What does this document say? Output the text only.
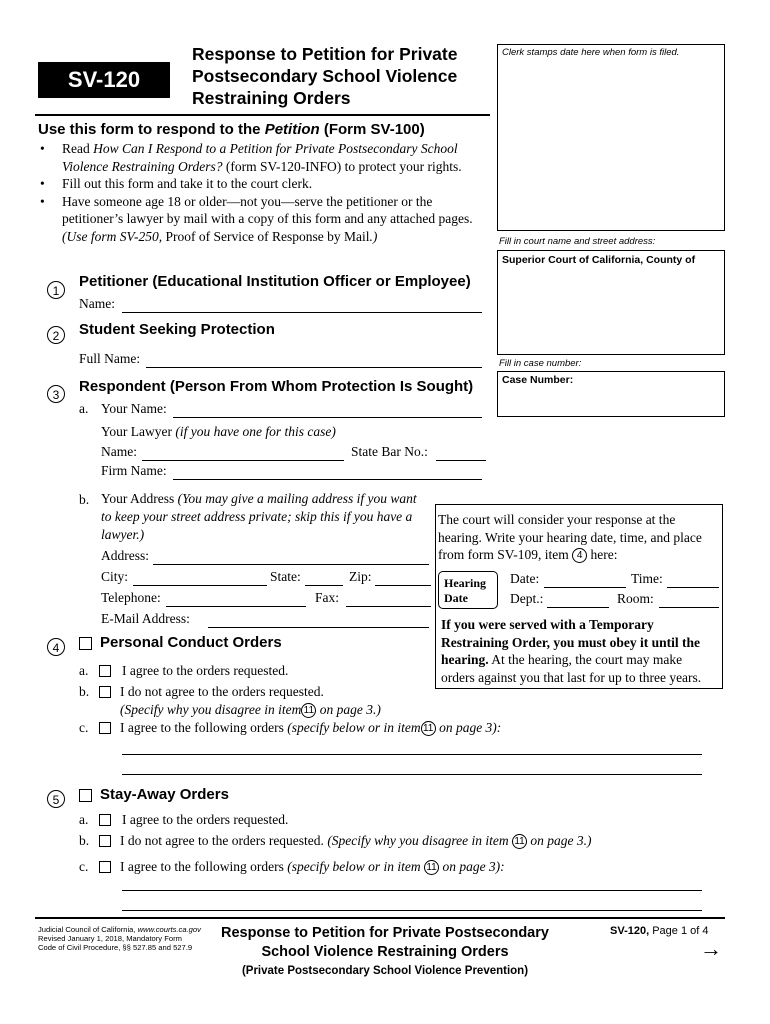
SV-120
Response to Petition for Private
Postsecondary School Violence
Restraining Orders
Clerk stamps date here when form is filed.
Fill in court name and street address:
Superior Court of California, County of
Fill in case number:
Case Number:
Use this form to respond to the Petition (Form SV-100)
• Read How Can I Respond to a Petition for Private Postsecondary School Violence Restraining Orders? (form SV-120-INFO) to protect your rights.
• Fill out this form and take it to the court clerk.
• Have someone age 18 or older—not you—serve the petitioner or the petitioner’s lawyer by mail with a copy of this form and any attached pages. (Use form SV-250, Proof of Service of Response by Mail.)
1
Petitioner (Educational Institution Officer or Employee)
Name:
2	Student Seeking Protection
Full Name:
3	Respondent (Person From Whom Protection Is Sought)
a. Your Name:
Your Lawyer (if you have one for this case)
Name:	State Bar No.:
Firm Name:
b. Your Address (You may give a mailing address if you want
to keep your street address private; skip this if you have a
lawyer.)
Address:
City:	State:	Zip:
Telephone:	Fax:
E-Mail Address:
The court will consider your response at the
hearing. Write your hearing date, time, and place
from form SV-109, item 4 here:
Hearing
Date
Date:	Time:
Dept.:	Room:
If you were served with a Temporary
Restraining Order, you must obey it until the
hearing. At the hearing, the court may make
orders against you that last for up to three years.
4	Personal Conduct Orders
a. I agree to the orders requested.
b. I do not agree to the orders requested.
(Specify why you disagree in item 11 on page 3.)
c. I agree to the following orders (specify below or in item 11 on page 3):
5	Stay-Away Orders
a. I agree to the orders requested.
b. I do not agree to the orders requested. (Specify why you disagree in item 11 on page 3.)
c. I agree to the following orders (specify below or in item 11 on page 3):
Judicial Council of California, www.courts.ca.gov
Revised January 1, 2018, Mandatory Form
Code of Civil Procedure, §§ 527.85 and 527.9
Response to Petition for Private Postsecondary
School Violence Restraining Orders
(Private Postsecondary School Violence Prevention)
SV-120, Page 1 of 4
→
